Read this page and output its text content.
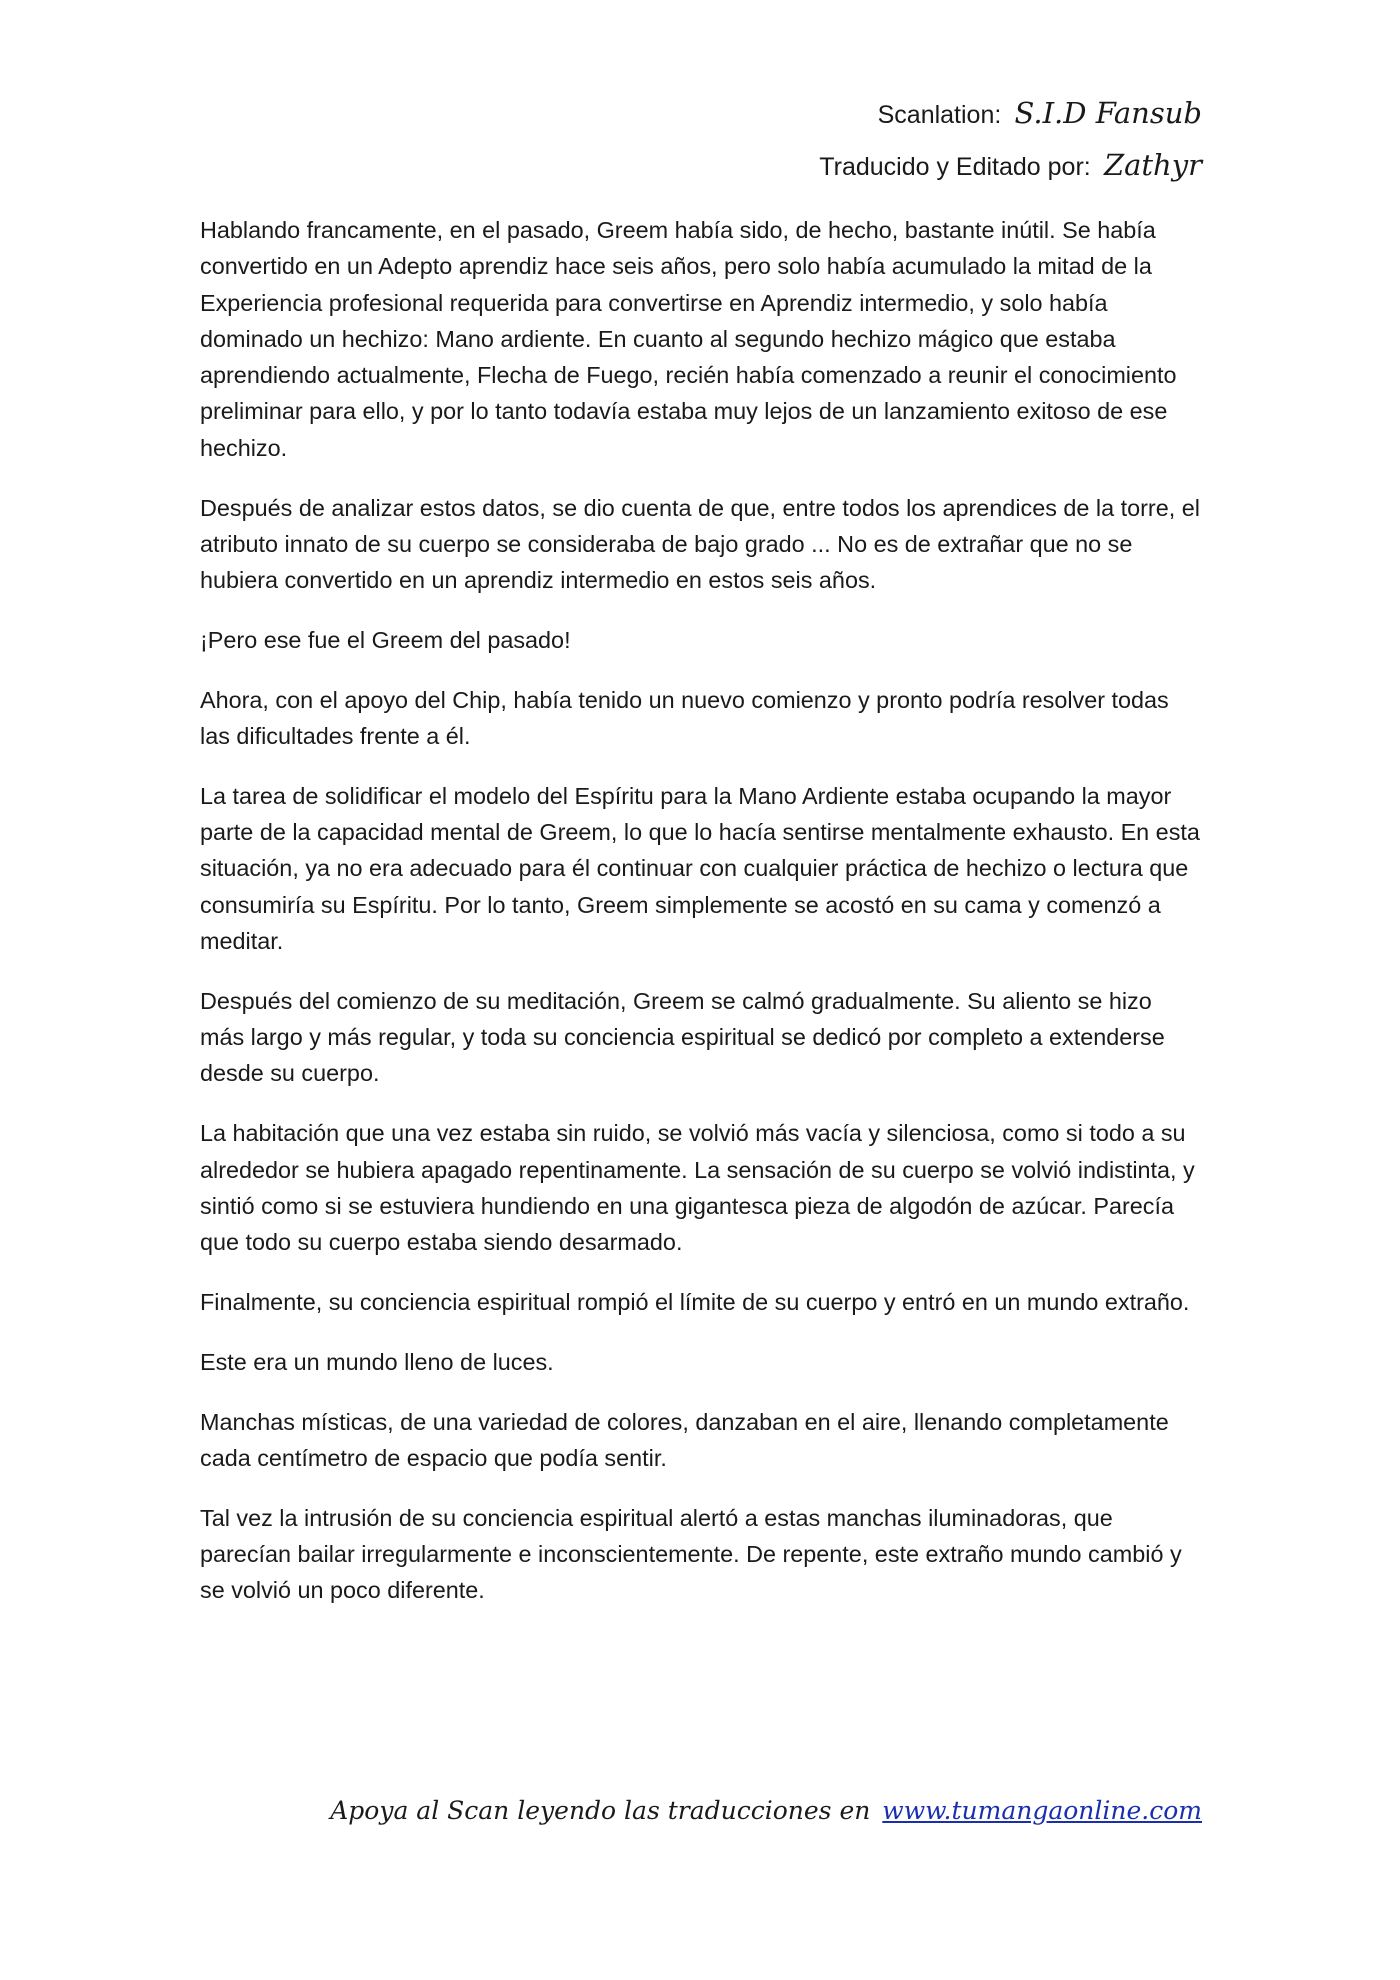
Scanlation: S.I.D Fansub
Traducido y Editado por: Zathyr

Hablando francamente, en el pasado, Greem había sido, de hecho, bastante inútil. Se había convertido en un Adepto aprendiz hace seis años, pero solo había acumulado la mitad de la Experiencia profesional requerida para convertirse en Aprendiz intermedio, y solo había dominado un hechizo: Mano ardiente. En cuanto al segundo hechizo mágico que estaba aprendiendo actualmente, Flecha de Fuego, recién había comenzado a reunir el conocimiento preliminar para ello, y por lo tanto todavía estaba muy lejos de un lanzamiento exitoso de ese hechizo.

Después de analizar estos datos, se dio cuenta de que, entre todos los aprendices de la torre, el atributo innato de su cuerpo se consideraba de bajo grado ... No es de extrañar que no se hubiera convertido en un aprendiz intermedio en estos seis años.

¡Pero ese fue el Greem del pasado!

Ahora, con el apoyo del Chip, había tenido un nuevo comienzo y pronto podría resolver todas las dificultades frente a él.

La tarea de solidificar el modelo del Espíritu para la Mano Ardiente estaba ocupando la mayor parte de la capacidad mental de Greem, lo que lo hacía sentirse mentalmente exhausto. En esta situación, ya no era adecuado para él continuar con cualquier práctica de hechizo o lectura que consumiría su Espíritu. Por lo tanto, Greem simplemente se acostó en su cama y comenzó a meditar.

Después del comienzo de su meditación, Greem se calmó gradualmente. Su aliento se hizo más largo y más regular, y toda su conciencia espiritual se dedicó por completo a extenderse desde su cuerpo.

La habitación que una vez estaba sin ruido, se volvió más vacía y silenciosa, como si todo a su alrededor se hubiera apagado repentinamente. La sensación de su cuerpo se volvió indistinta, y sintió como si se estuviera hundiendo en una gigantesca pieza de algodón de azúcar. Parecía que todo su cuerpo estaba siendo desarmado.

Finalmente, su conciencia espiritual rompió el límite de su cuerpo y entró en un mundo extraño.

Este era un mundo lleno de luces.

Manchas místicas, de una variedad de colores, danzaban en el aire, llenando completamente cada centímetro de espacio que podía sentir.

Tal vez la intrusión de su conciencia espiritual alertó a estas manchas iluminadoras, que parecían bailar irregularmente e inconscientemente. De repente, este extraño mundo cambió y se volvió un poco diferente.

Apoya al Scan leyendo las traducciones en www.tumangaonline.com
